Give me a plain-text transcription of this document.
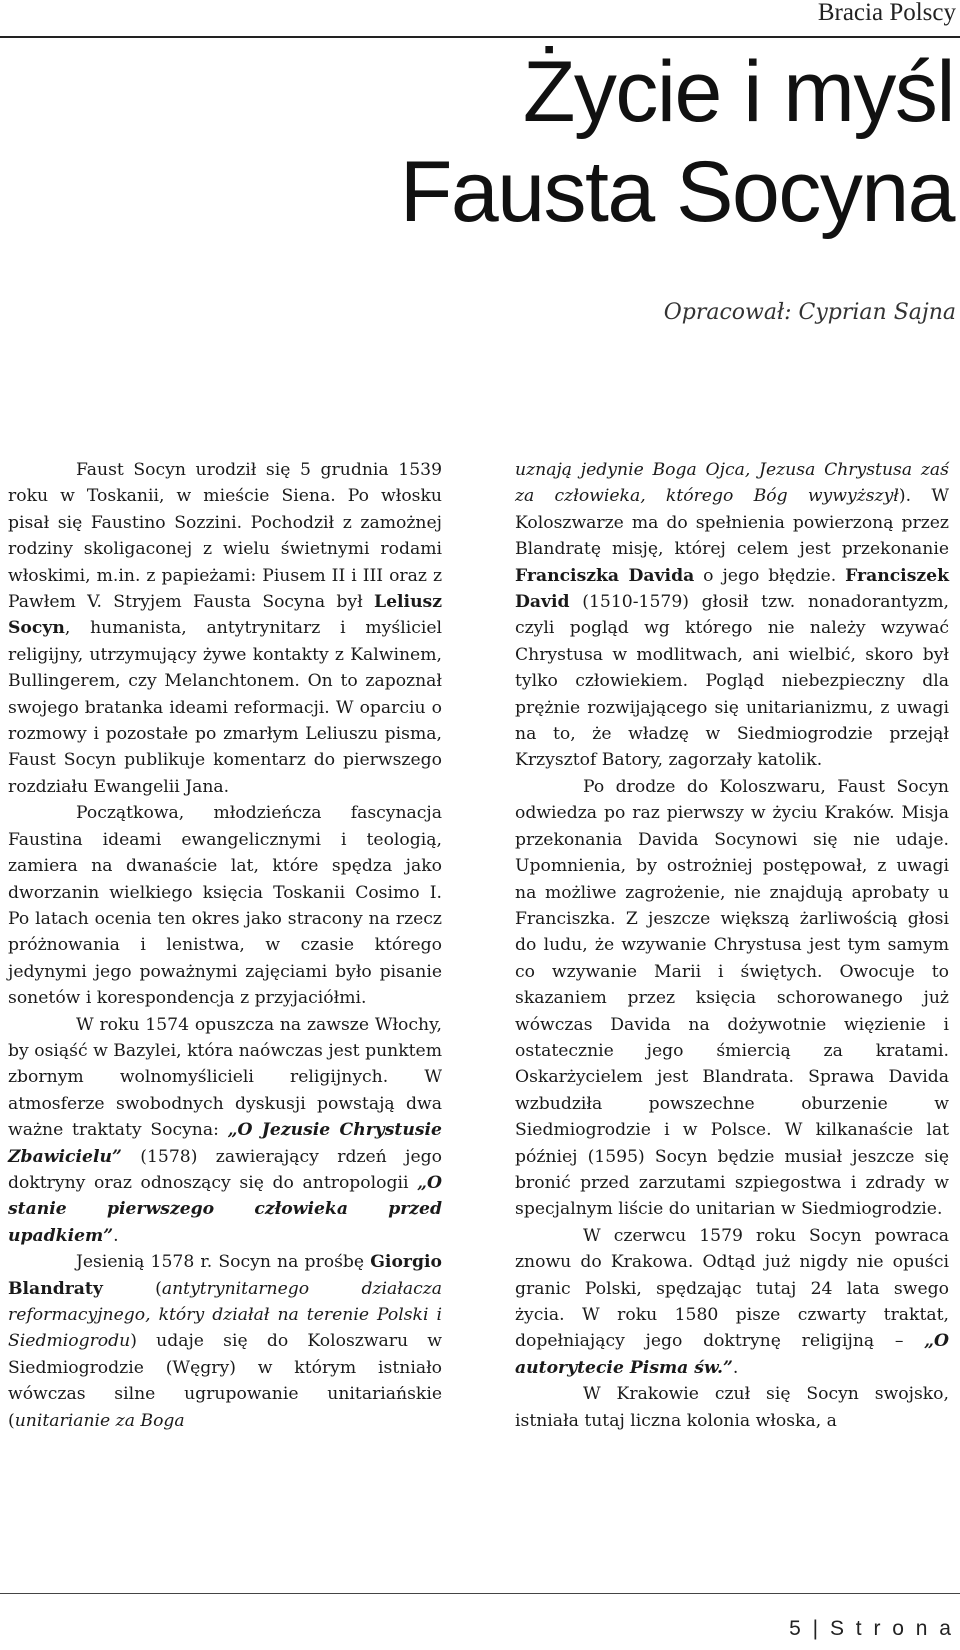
Bracia Polscy
Życie i myśl
Fausta Socyna
Opracował: Cyprian Sajna

Faust Socyn urodził się 5 grudnia 1539 roku w Toskanii, w mieście Siena. Po włosku pisał się Faustino Sozzini. Pochodził z zamożnej rodziny skoligaconej z wielu świetnymi rodami włoskimi, m.in. z papieżami: Piusem II i III oraz z Pawłem V. Stryjem Fausta Socyna był Leliusz Socyn, humanista, antytrynitarz i myśliciel religijny, utrzymujący żywe kontakty z Kalwinem, Bullingerem, czy Melanchtonem. On to zapoznał swojego bratanka ideami reformacji. W oparciu o rozmowy i pozostałe po zmarłym Leliuszu pisma, Faust Socyn publikuje komentarz do pierwszego rozdziału Ewangelii Jana.

Początkowa, młodzieńcza fascynacja Faustina ideami ewangelicznymi i teologią, zamiera na dwanaście lat, które spędza jako dworzanin wielkiego księcia Toskanii Cosimo I. Po latach ocenia ten okres jako stracony na rzecz próżnowania i lenistwa, w czasie którego jedynymi jego poważnymi zajęciami było pisanie sonetów i korespondencja z przyjaciółmi.

W roku 1574 opuszcza na zawsze Włochy, by osiąść w Bazylei, która naówczas jest punktem zbornym wolnomyślicieli religijnych. W atmosferze swobodnych dyskusji powstają dwa ważne traktaty Socyna: „O Jezusie Chrystusie Zbawicielu” (1578) zawierający rdzeń jego doktryny oraz odnoszący się do antropologii „O stanie pierwszego człowieka przed upadkiem”.

Jesienią 1578 r. Socyn na prośbę Giorgio Blandraty (antytrynitarnego działacza reformacyjnego, który działał na terenie Polski i Siedmiogrodu) udaje się do Koloszwaru w Siedmiogrodzie (Węgry) w którym istniało wówczas silne ugrupowanie unitariańskie (unitarianie za Boga

uznają jedynie Boga Ojca, Jezusa Chrystusa zaś za człowieka, którego Bóg wywyższył). W Koloszwarze ma do spełnienia powierzoną przez Blandratę misję, której celem jest przekonanie Franciszka Davida o jego błędzie. Franciszek David (1510-1579) głosił tzw. nonadorantyzm, czyli pogląd wg którego nie należy wzywać Chrystusa w modlitwach, ani wielbić, skoro był tylko człowiekiem. Pogląd niebezpieczny dla prężnie rozwijającego się unitarianizmu, z uwagi na to, że władzę w Siedmiogrodzie przejął Krzysztof Batory, zagorzały katolik.

Po drodze do Koloszwaru, Faust Socyn odwiedza po raz pierwszy w życiu Kraków. Misja przekonania Davida Socynowi się nie udaje. Upomnienia, by ostrożniej postępował, z uwagi na możliwe zagrożenie, nie znajdują aprobaty u Franciszka. Z jeszcze większą żarliwością głosi do ludu, że wzywanie Chrystusa jest tym samym co wzywanie Marii i świętych. Owocuje to skazaniem przez księcia schorowanego już wówczas Davida na dożywotnie więzienie i ostatecznie jego śmiercią za kratami. Oskarżycielem jest Blandrata. Sprawa Davida wzbudziła powszechne oburzenie w Siedmiogrodzie i w Polsce. W kilkanaście lat później (1595) Socyn będzie musiał jeszcze się bronić przed zarzutami szpiegostwa i zdrady w specjalnym liście do unitarian w Siedmiogrodzie.

W czerwcu 1579 roku Socyn powraca znowu do Krakowa. Odtąd już nigdy nie opuści granic Polski, spędzając tutaj 24 lata swego życia. W roku 1580 pisze czwarty traktat, dopełniający jego doktrynę religijną – „O autorytecie Pisma św.”.

W Krakowie czuł się Socyn swojsko, istniała tutaj liczna kolonia włoska, a

5 | S t r o n a
